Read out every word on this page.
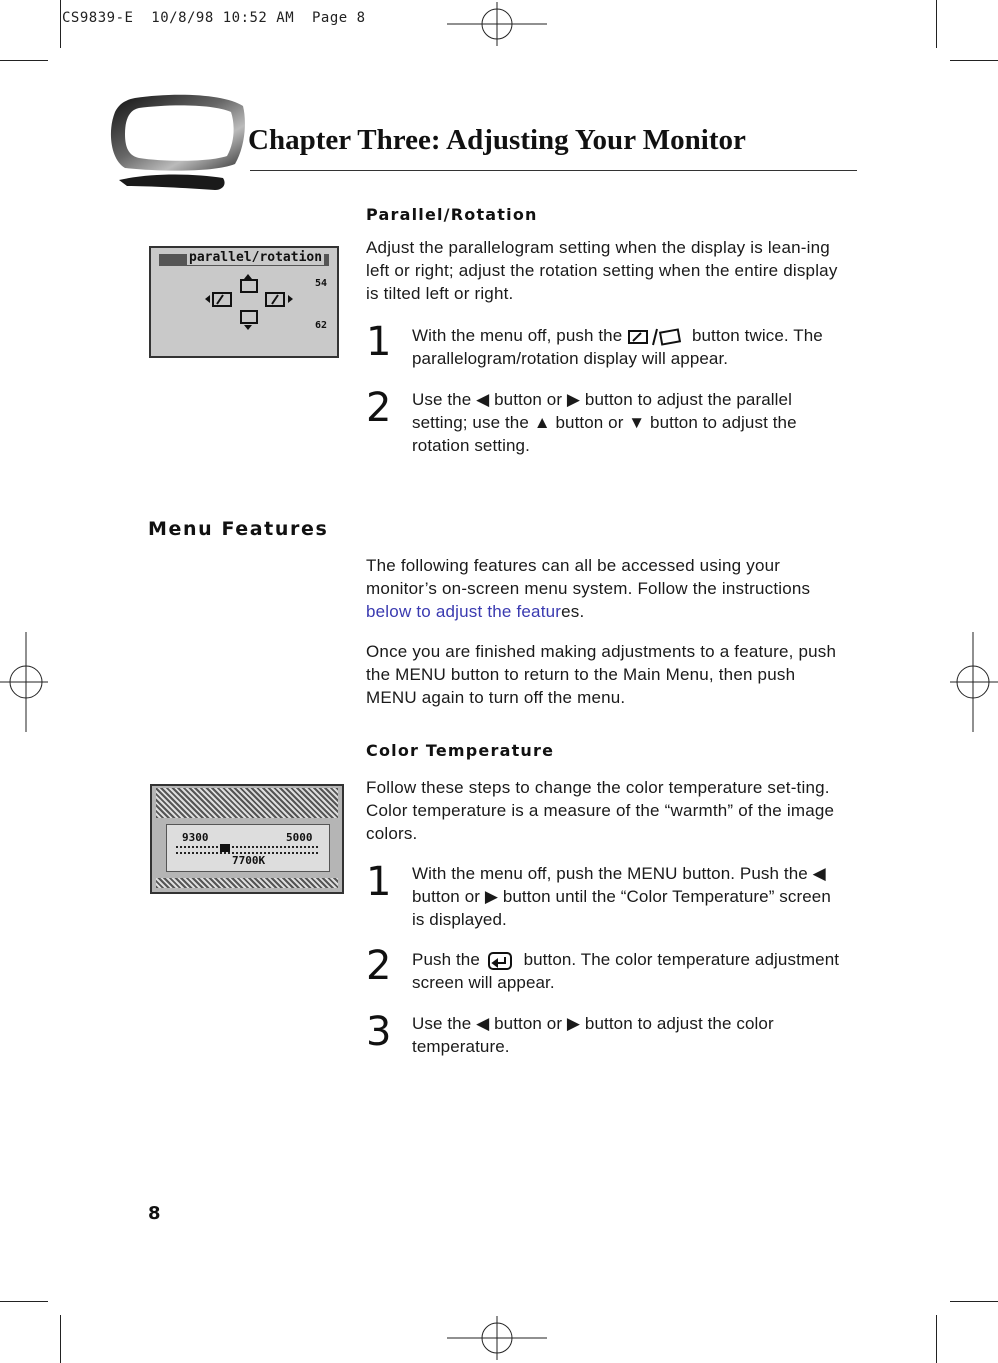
CS9839-E  10/8/98 10:52 AM  Page 8
Chapter Three: Adjusting Your Monitor
Parallel/Rotation
Adjust the parallelogram setting when the display is lean-ing left or right; adjust the rotation setting when the entire display is tilted left or right.
parallel/rotation
54
62 1 With the menu off, push the	button twice. The parallelogram/rotation display will appear.
2 Use the ◀ button or ▶ button to adjust the parallel setting; use the ▲ button or ▼ button to adjust the rotation setting.
Menu Features
The following features can all be accessed using your monitor’s on-screen menu system. Follow the instructions below to adjust the features.
Once you are finished making adjustments to a feature, push the MENU button to return to the Main Menu, then push MENU again to turn off the menu.
Color Temperature
Follow these steps to change the color temperature set-ting. Color temperature is a measure of the “warmth” of the image colors.
9300	5000
7700K	1 With the menu off, push the MENU button. Push the ◀ button or ▶ button until the “Color Temperature” screen is displayed.
2 Push the	button. The color temperature adjustment screen will appear.
3 Use the ◀ button or ▶ button to adjust the color temperature.
8
